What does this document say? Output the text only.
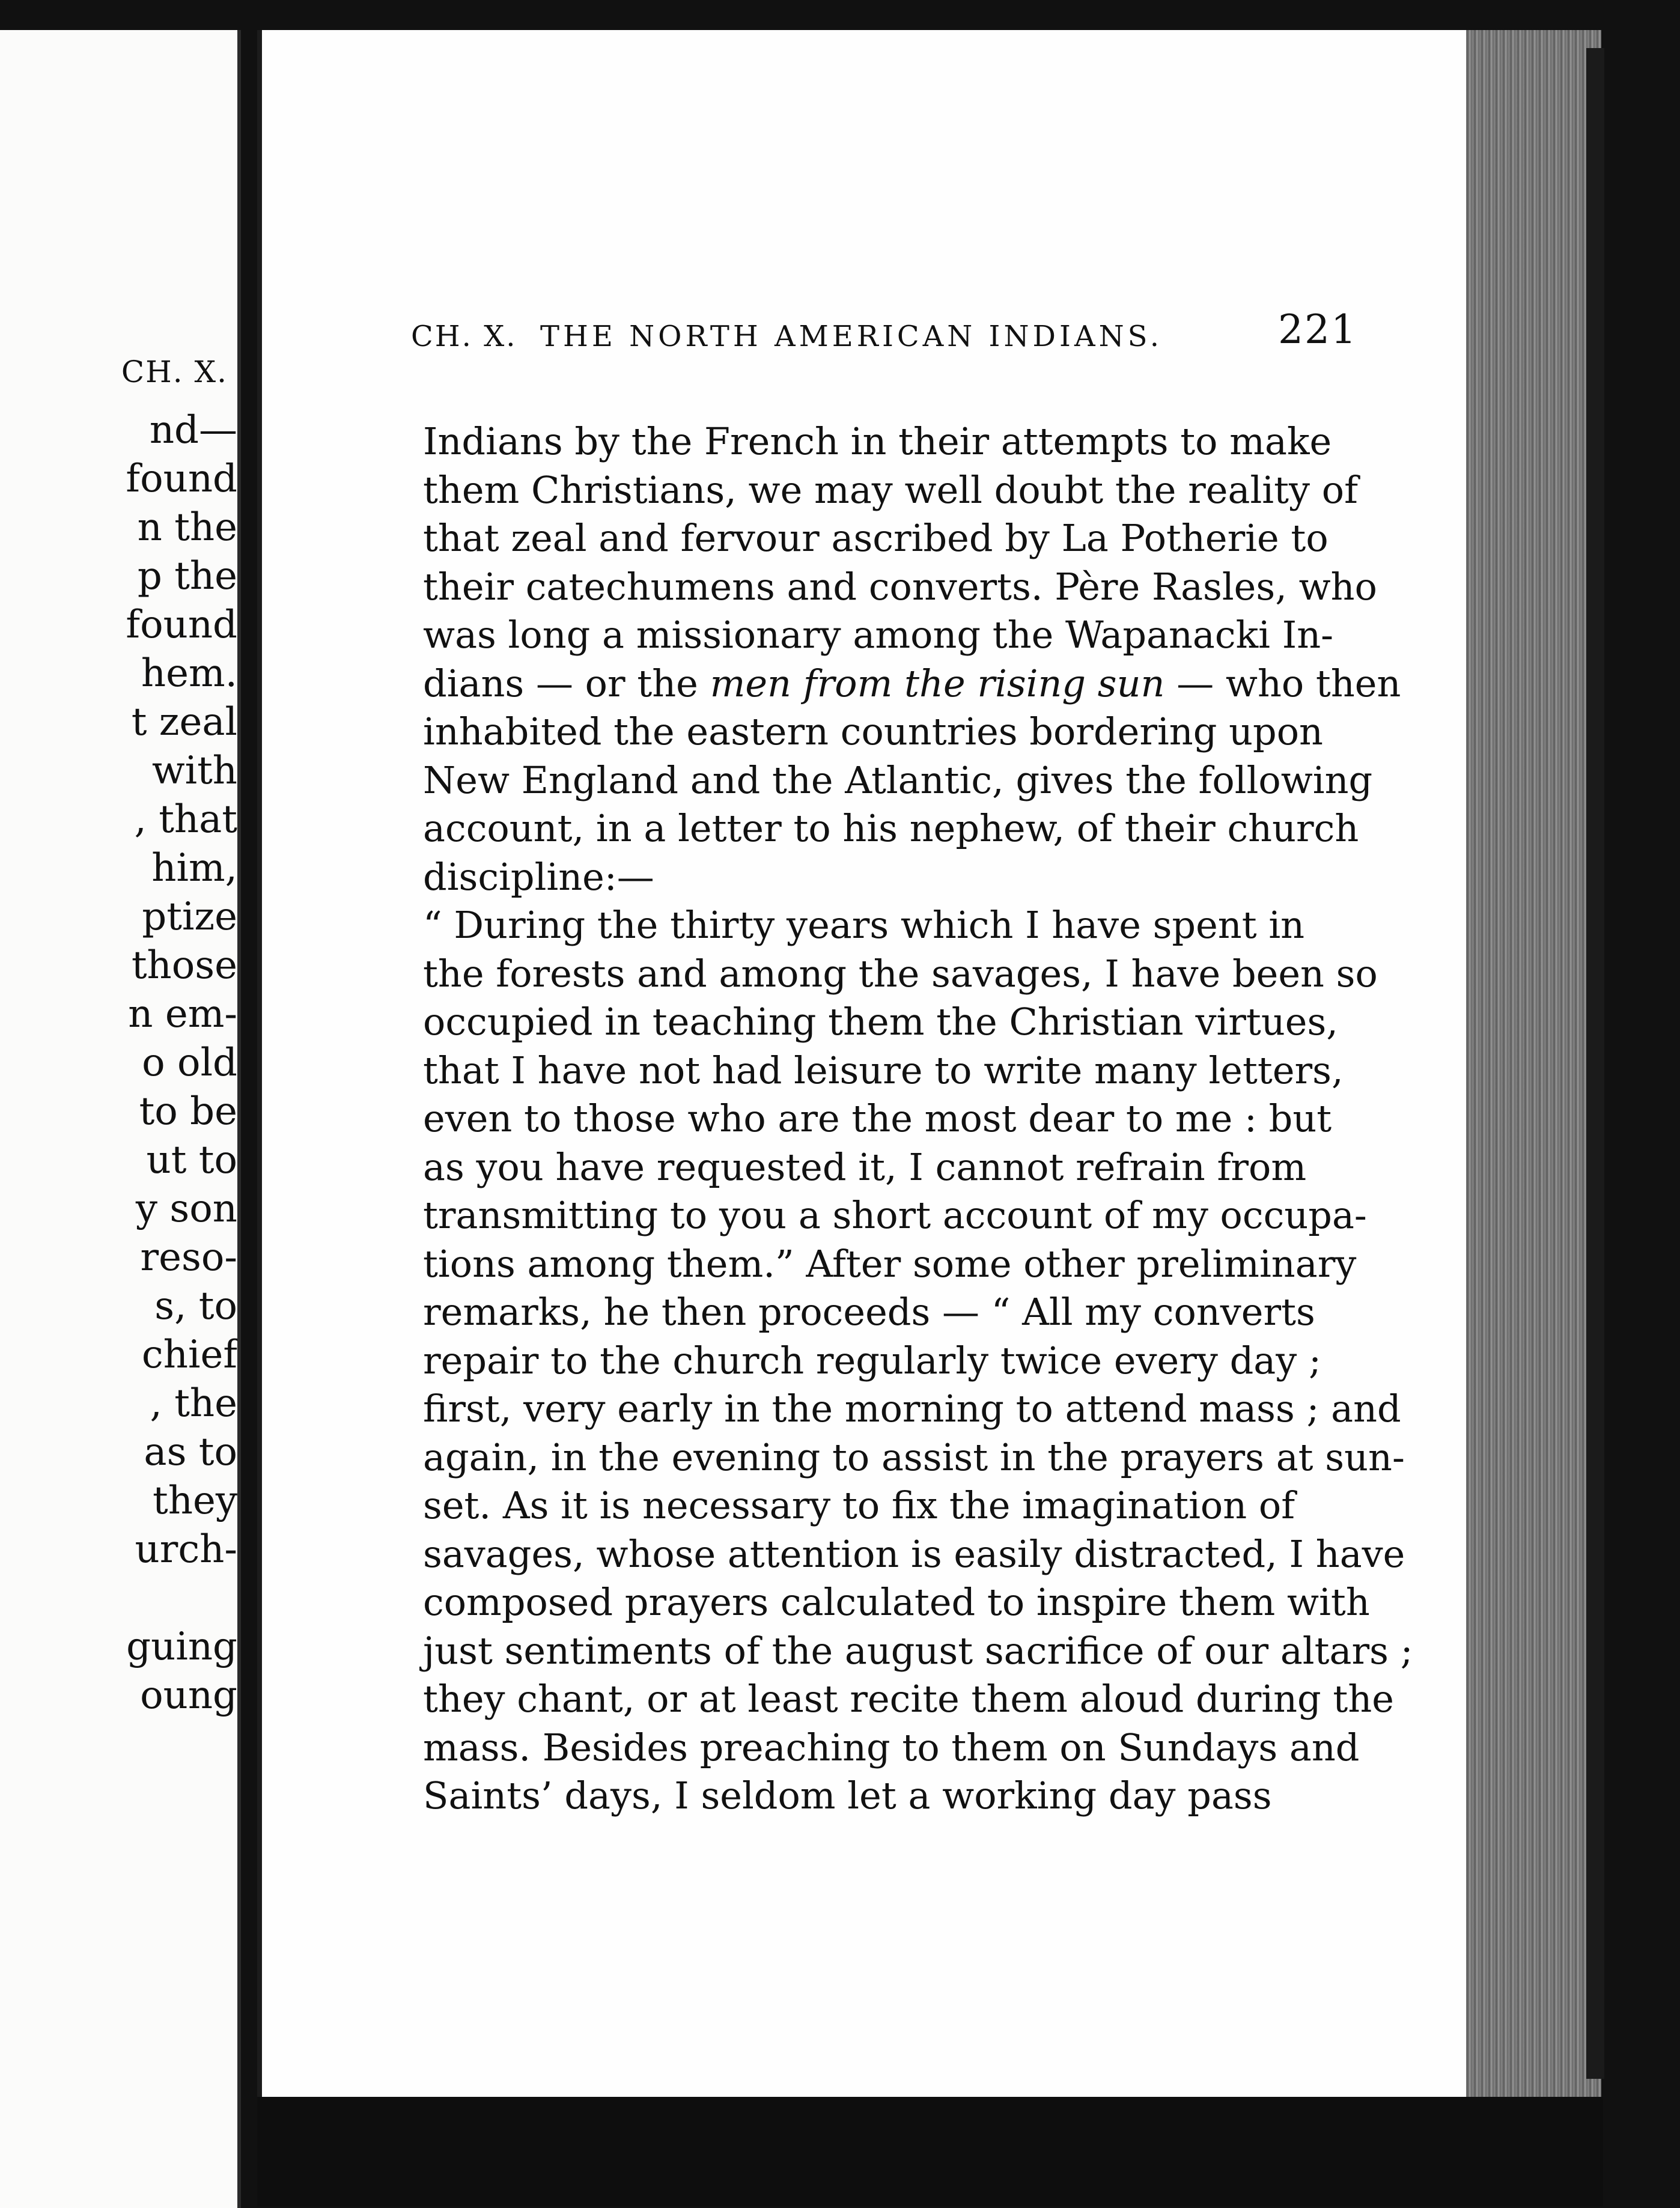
CH. X.
nd—
found
n the
p the
found
hem.
t zeal
with
, that
him,
ptize
those
n em-
o old
to be
ut to
y son
reso-
s, to
chief
, the
as to
they
urch-
guing
oung
CH. X. THE NORTH AMERICAN INDIANS.	221
Indians by the French in their attempts to make
them Christians, we may well doubt the reality of
that zeal and fervour ascribed by La Potherie to
their catechumens and converts. Père Rasles, who
was long a missionary among the Wapanacki In-
dians — or the men from the rising sun — who then
inhabited the eastern countries bordering upon
New England and the Atlantic, gives the following
account, in a letter to his nephew, of their church
discipline:—
“ During the thirty years which I have spent in
the forests and among the savages, I have been so
occupied in teaching them the Christian virtues,
that I have not had leisure to write many letters,
even to those who are the most dear to me : but
as you have requested it, I cannot refrain from
transmitting to you a short account of my occupa-
tions among them.” After some other preliminary
remarks, he then proceeds — “ All my converts
repair to the church regularly twice every day ;
first, very early in the morning to attend mass ; and
again, in the evening to assist in the prayers at sun-
set. As it is necessary to fix the imagination of
savages, whose attention is easily distracted, I have
composed prayers calculated to inspire them with
just sentiments of the august sacrifice of our altars ;
they chant, or at least recite them aloud during the
mass. Besides preaching to them on Sundays and
Saints’ days, I seldom let a working day pass
